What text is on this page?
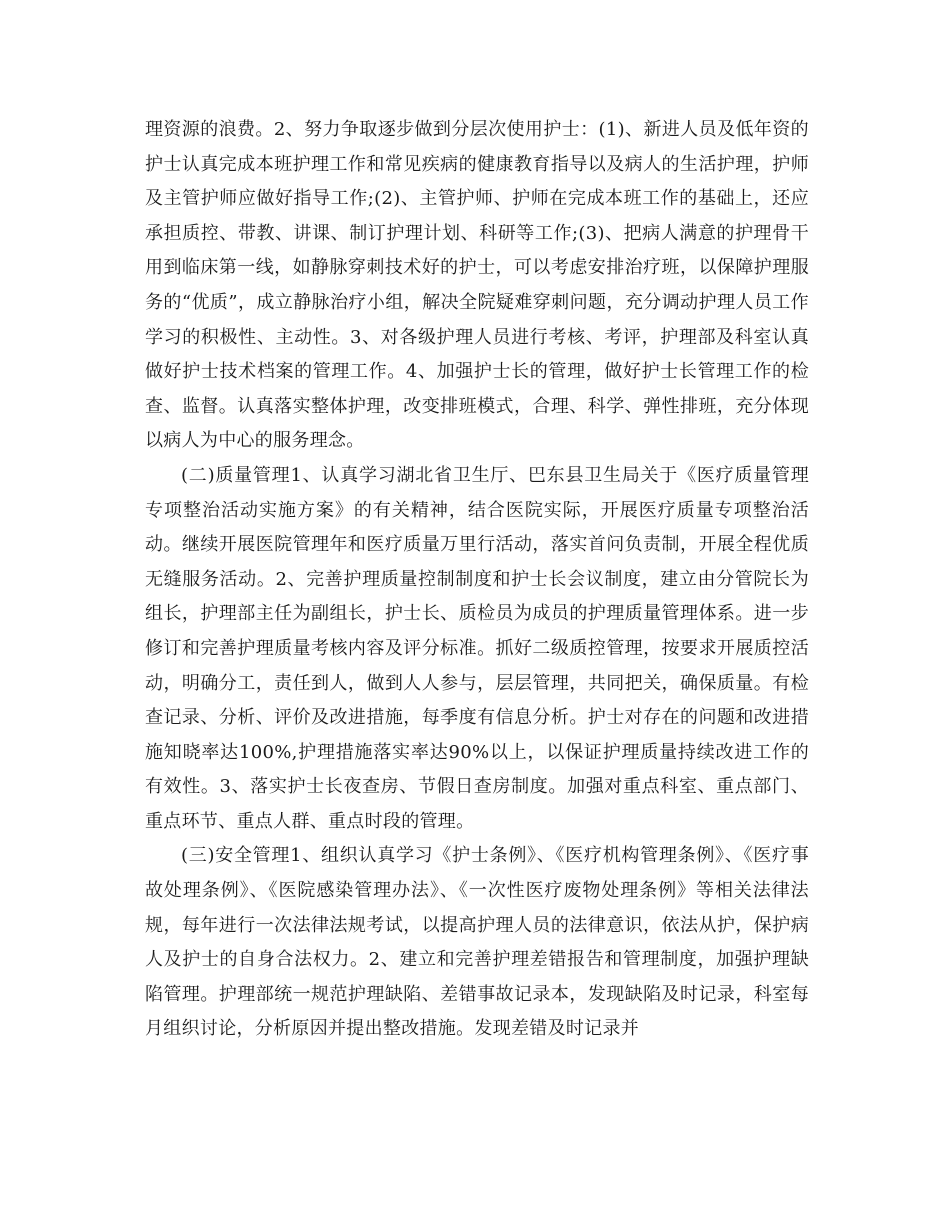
理资源的浪费。2、努力争取逐步做到分层次使用护士：(1)、新进人员及低年资的护士认真完成本班护理工作和常见疾病的健康教育指导以及病人的生活护理，护师及主管护师应做好指导工作;(2)、主管护师、护师在完成本班工作的基础上，还应承担质控、带教、讲课、制订护理计划、科研等工作;(3)、把病人满意的护理骨干用到临床第一线，如静脉穿刺技术好的护士，可以考虑安排治疗班，以保障护理服务的“优质”，成立静脉治疗小组，解决全院疑难穿刺问题，充分调动护理人员工作学习的积极性、主动性。3、对各级护理人员进行考核、考评，护理部及科室认真做好护士技术档案的管理工作。4、加强护士长的管理，做好护士长管理工作的检查、监督。认真落实整体护理，改变排班模式，合理、科学、弹性排班，充分体现以病人为中心的服务理念。

(二)质量管理1、认真学习湖北省卫生厅、巴东县卫生局关于《医疗质量管理专项整治活动实施方案》的有关精神，结合医院实际，开展医疗质量专项整治活动。继续开展医院管理年和医疗质量万里行活动，落实首问负责制，开展全程优质无缝服务活动。2、完善护理质量控制制度和护士长会议制度，建立由分管院长为组长，护理部主任为副组长，护士长、质检员为成员的护理质量管理体系。进一步修订和完善护理质量考核内容及评分标准。抓好二级质控管理，按要求开展质控活动，明确分工，责任到人，做到人人参与，层层管理，共同把关，确保质量。有检查记录、分析、评价及改进措施，每季度有信息分析。护士对存在的问题和改进措施知晓率达100%,护理措施落实率达90%以上，以保证护理质量持续改进工作的有效性。3、落实护士长夜查房、节假日查房制度。加强对重点科室、重点部门、重点环节、重点人群、重点时段的管理。

(三)安全管理1、组织认真学习《护士条例》、《医疗机构管理条例》、《医疗事故处理条例》、《医院感染管理办法》、《一次性医疗废物处理条例》等相关法律法规，每年进行一次法律法规考试，以提高护理人员的法律意识，依法从护，保护病人及护士的自身合法权力。2、建立和完善护理差错报告和管理制度，加强护理缺陷管理。护理部统一规范护理缺陷、差错事故记录本，发现缺陷及时记录，科室每月组织讨论，分析原因并提出整改措施。发现差错及时记录并
